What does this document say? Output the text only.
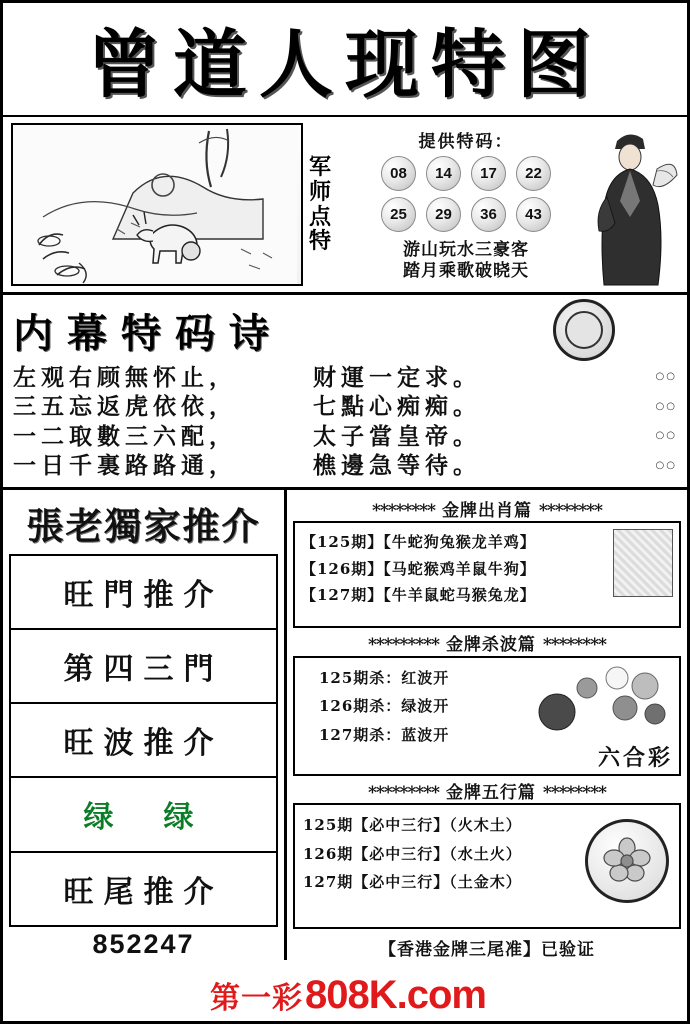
曾道人现特图
军师点特
提供特码：
08	14	17	22
25	29	36	43
游山玩水三豪客
踏月乘歌破晓天
内幕特码诗
左观右顾無怀止，	财運一定求。	○○
三五忘返虎依依，	七點心痴痴。	○○
一二取數三六配，	太子當皇帝。	○○
一日千裏路路通，	樵邊急等待。	○○
張老獨家推介
旺門推介
第四三門
旺波推介
绿　绿
旺尾推介
852247
******** 金牌出肖篇 ********
【125期】【牛蛇狗兔猴龙羊鸡】
【126期】【马蛇猴鸡羊鼠牛狗】
【127期】【牛羊鼠蛇马猴兔龙】
********* 金牌杀波篇 ********
125期杀：红波开
126期杀：绿波开
127期杀：蓝波开
六合彩
********* 金牌五行篇 ********
125期【必中三行】（火木土）
126期【必中三行】（水土火）
127期【必中三行】（土金木）
【香港金牌三尾准】已验证
第一彩 808K.com
